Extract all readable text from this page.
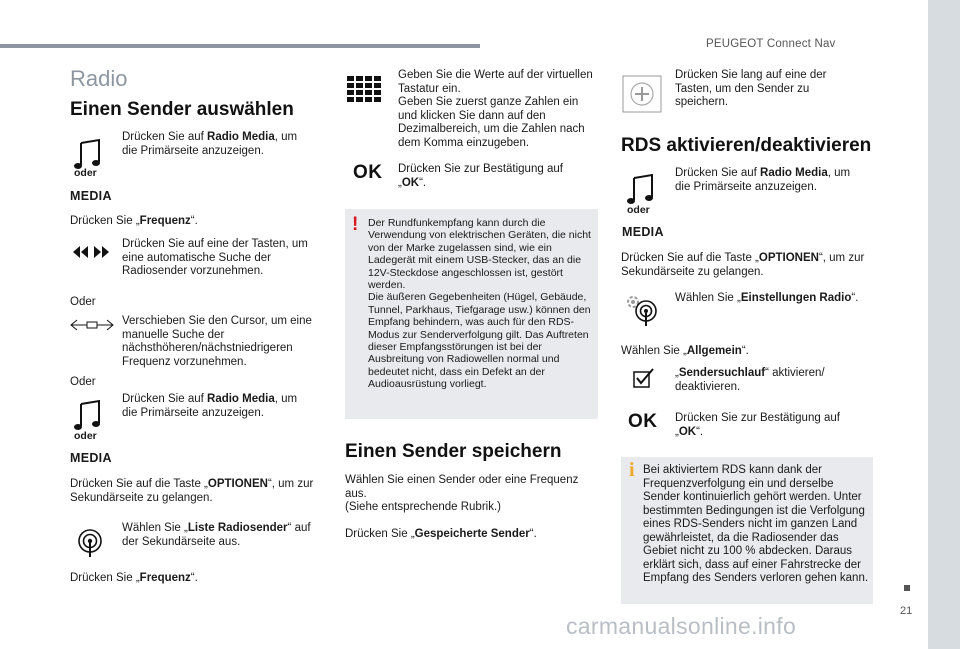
PEUGEOT Connect Nav
21
carmanualsonline.info
Radio
Einen Sender auswählen
Drücken Sie auf Radio Media, um die Primärseite anzuzeigen.
oder
MEDIA
Drücken Sie „Frequenz“.
Drücken Sie auf eine der Tasten, um eine automatische Suche der Radiosender vorzunehmen.
Oder
Verschieben Sie den Cursor, um eine manuelle Suche der nächsthöheren/nächstniedrigeren Frequenz vorzunehmen.
Oder
Drücken Sie auf Radio Media, um die Primärseite anzuzeigen.
oder
MEDIA
Drücken Sie auf die Taste „OPTIONEN“, um zur Sekundärseite zu gelangen.
Wählen Sie „Liste Radiosender“ auf der Sekundärseite aus.
Drücken Sie „Frequenz“.
Geben Sie die Werte auf der virtuellen Tastatur ein.
Geben Sie zuerst ganze Zahlen ein und klicken Sie dann auf den Dezimalbereich, um die Zahlen nach dem Komma einzugeben.
OK Drücken Sie zur Bestätigung auf „OK“.
! Der Rundfunkempfang kann durch die Verwendung von elektrischen Geräten, die nicht von der Marke zugelassen sind, wie ein Ladegerät mit einem USB-Stecker, das an die 12V-Steckdose angeschlossen ist, gestört werden.
Die äußeren Gegebenheiten (Hügel, Gebäude, Tunnel, Parkhaus, Tiefgarage usw.) können den Empfang behindern, was auch für den RDS-Modus zur Senderverfolgung gilt. Das Auftreten dieser Empfangsstörungen ist bei der Ausbreitung von Radiowellen normal und bedeutet nicht, dass ein Defekt an der Audioausrüstung vorliegt.
Einen Sender speichern
Wählen Sie einen Sender oder eine Frequenz aus.
(Siehe entsprechende Rubrik.)
Drücken Sie „Gespeicherte Sender“.
Drücken Sie lang auf eine der Tasten, um den Sender zu speichern.
RDS aktivieren/deaktivieren
Drücken Sie auf Radio Media, um die Primärseite anzuzeigen.
oder
MEDIA
Drücken Sie auf die Taste „OPTIONEN“, um zur Sekundärseite zu gelangen.
Wählen Sie „Einstellungen Radio“.
Wählen Sie „Allgemein“.
„Sendersuchlauf“ aktivieren/ deaktivieren.
OK Drücken Sie zur Bestätigung auf „OK“.
i Bei aktiviertem RDS kann dank der Frequenzverfolgung ein und derselbe Sender kontinuierlich gehört werden. Unter bestimmten Bedingungen ist die Verfolgung eines RDS-Senders nicht im ganzen Land gewährleistet, da die Radiosender das Gebiet nicht zu 100 % abdecken. Daraus erklärt sich, dass auf einer Fahrstrecke der Empfang des Senders verloren gehen kann.
